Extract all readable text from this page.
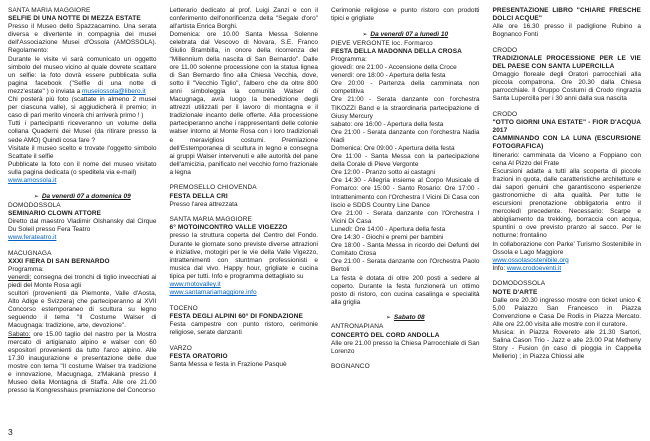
SANTA MARIA MAGGIORE
SELFIE DI UNA NOTTE DI MEZZA ESTATE

Presso il Museo dello Spazzacamino. Una serata diversa e divertente in compagnia dei musei dell'Associazione Musei d'Ossola (AMOSSOLA). Regolamento:

Durante le visite vi sarà comunicato un oggetto simbolo del museo vicino al quale dovrete scattare un selfie: la foto dovrà essere pubblicata sulla pagina facebook ("Selfie di una notte di mezz'estate" ) o inviata a museiossola@libero.it

Chi posterà più foto (scattate in almeno 2 musei per ciascuna valle), si aggiudicherà il premio; in caso di pari merito vincerà chi arriverà primo ! )

Tutti i partecipanti riceveranno un volume della collana Quaderni dei Musei (da ritirare presso la sede AMO) Quindi cosa fare ?

Visitate il museo scelto e trovate l'oggetto simbolo Scattate il selfie

Pubblicate la foto con il nome del museo visitato sulla pagina dedicata (o speditela via e-mail)

www.amossola.it
➢ Da venerdì 07 a domenica 09
DOMODOSSOLA
SEMINARIO CLOWN ATTORE

Diretto dal maestro Vladimir Olshansky dal Cirque Du Soleil presso Fera Teatro

www.ferateatro.it
MACUGNAGA
XXXI FIERA DI SAN BERNARDO

Programma:

venerdì: consegna dei tronchi di tiglio invecchiati ai piedi del Monte Rosa agli

scultori (provenienti da Piemonte, Valle d'Aosta, Alto Adige e Svizzera) che parteciperanno al XVII Concorso estemporaneo di scultura su legno seguendo il tema "Il Costume Walser di Macugnaga: tradizione, arte, devozione".

Sabato: ore 15.00 taglio del nastro per la Mostra mercato di artigianato alpino e walser con 60 espositori provenienti da tutto l'arco alpino. Alle 17.30 inaugurazione e presentazione delle due mostre con tema "Il costume Walser tra tradizione e innovazione, Macugnaga, z'Makanà presso il Museo della Montagna di Staffa. Alle ore 21.00 presso la Kongresshaus premiazione del Concorso

Letterario dedicato al prof. Luigi Zanzi e con il conferimento dell'onorificenza della "Segale d'oro" all'artista Enrica Borghi.

Domenica: ore 10.00 Santa Messa Solenne celebrata dal Vescovo di Novara, S.E. Franco Giulio Brambilla, in onore della ricorrenza del "Millennium della nascita di San Bernardo". Dalle ore 11.00 solenne processione con la statua lignea di San Bernardo fino alla Chiesa Vecchia, dove, sotto il "Vecchio Tiglio", l'albero che da oltre 800 anni simboleggia la comunità Walser di Macugnaga, avrà luogo la benedizione degli attrezzi utilizzati per il lavoro di montagna e il tradizionale incanto delle offerte. Alla processione parteciperanno anche i rappresentanti delle colonie walser intorno al Monte Rosa con i loro tradizionali e meravigliosi costumi. Premiazione dell'Estemporanea di scultura in legno e consegna ai gruppi Walser intervenuti e alle autorità del pane dell'amicizia, panificato nel vecchio forno frazionale a legna

PREMOSELLO CHIOVENDA
FESTA DELLA CRI

Presso l'area attrezzata

SANTA MARIA MAGGIORE
6° MOTOINCONTRO VALLE VIGEZZO

presso la struttura coperta del Centro del Fondo. Durante le giornate sono previste diverse attrazioni e iniziative, motogiri per le vie della Valle Vigezzo, intrattenimenti con stuntman professionisti e musica dal vivo. Happy hour, grigliate e cucina tipica per tutti. Info e programma dettagliato su

www.motovalley.it
www.santamariamaggiore.info
TOCENO
FESTA DEGLI ALPINI 60° DI FONDAZIONE

Festa campestre con punto ristoro, cerimonie religiose, serate danzanti

VARZO
FESTA ORATORIO

Santa Messa e festa in Frazione Pasquè

Cerimonie religiose e punto ristoro con prodotti tipici e grigliate

➢ Da venerdì 07 a lunedì 10
PIEVE VERGONTE loc. Formarco
FESTA DELLA MADONNA DELLA CROSA

Programma:

giovedì: ore 21:00 - Accensione della Croce

venerdì: ore 18:00 - Apertura della festa

Ore 20:00 - Partenza della camminata non competitiva

Ore 21:00 - Serata danzante con l'orchestra TIKOZZI Band e la straordinaria partecipazione di Giusy Mercury

sabato: ore 16:00 - Apertura della festa

Ore 21:00 - Serata danzante con l'orchestra Nadia Nadì

Domenica: Ore 09:00 - Apertura della festa

Ore 11:00 - Santa Messa con la partecipazione della Corale di Pieve Vergonte

Ore 12:00 - Pranzo sotto ai castagni

Ore 14:30 - Allegria insieme al Corpo Musicale di Fomarco: ore 15:00 - Santo Rosario: Ore 17:00 - Intrattenimento con l'Orchestra I Vicini Di Casa con liscio e SDDS Country Line Dance

Ore 21:00 - Serata danzante con l'Orchestra I Vicini Di Casa

Lunedì: Ore 14:00 - Apertura della festa

Ore 14:30 - Giochi e premi per bambini

Ore 18:00 - Santa Messa in ricordo dei Defunti del Comitato Crosa

Ore 21:00 - Serata danzante con l'Orchestra Paolo Bertoli

La festa è dotata di oltre 200 posti a sedere al coperto. Durante la festa funzionerà un ottimo posto di ristoro, con cucina casalinga e specialità alla griglia

➢ Sabato 08
ANTRONAPIANA
CONCERTO DEL CORD ANDOLLA

Alle ore 21.00 presso la Chiesa Parrocchiale di San Lorenzo

BOGNANCO
PRESENTAZIONE LIBRO "CHIARE FRESCHE DOLCI ACQUE"

Alle ore 16.30 presso il padiglione Rubino a Bognanco Fonti

CRODO
TRADIZIONALE PROCESSIONE PER LE VIE DEL PAESE CON SANTA LUPERCILLA

Omaggio floreale degli Oratori parrocchiali alla piccola compatrona. Ore 20.30 dalla Chiesa parrocchiale. Il Gruppo Costumi di Crodo ringrazia Santa Lupercilla per i 30 anni dalla sua nascita

CRODO
"OTTO GIORNI UNA ESTATE" - FIOR D'ACQUA 2017
CAMMINANDO CON LA LUNA (ESCURSIONE FOTOGRAFICA)

Itinerario: camminata da Viceno a Foppiano con cena Al Pizzo del Frate

Escursioni adatte a tutti alla scoperta di piccole frazioni in quota, dalle caratteristiche architetture e dai sapori genuini che garantiscono esperienze gastronomiche di alta qualità. Per tutte le escursioni prenotazione obbligatoria entro il mercoledì precedente. Necessario: Scarpe e abbigliamento da trekking, borraccia con acqua, spuntini o ove previsto pranzo al sacco. Per le notturne: frontalino

In collaborazione con Parke' Turismo Sostenibile in Ossola e Lago Maggiore

www.ossolasostenibile.org

Info: www.crodoeventi.it

DOMODOSSOLA
NOTE D'ARTE

Dalle ore 20.30 ingresso mostre con ticket unico € 5,00 Palazzo San Francesco in Piazza Convenzione e Casa De Rodis in Piazza Mercato. Alle ore 22.00 visita alle mostre con il curatore.

Musica: in Piazza Rovereto alle 21.30 Sartori, Salina Cason Trio - Jazz e alle 23.00 Pat Metheny Story - Fusion (in caso di pioggia in Cappella Mellerio) ; in Piazza Chiossi alle

3
